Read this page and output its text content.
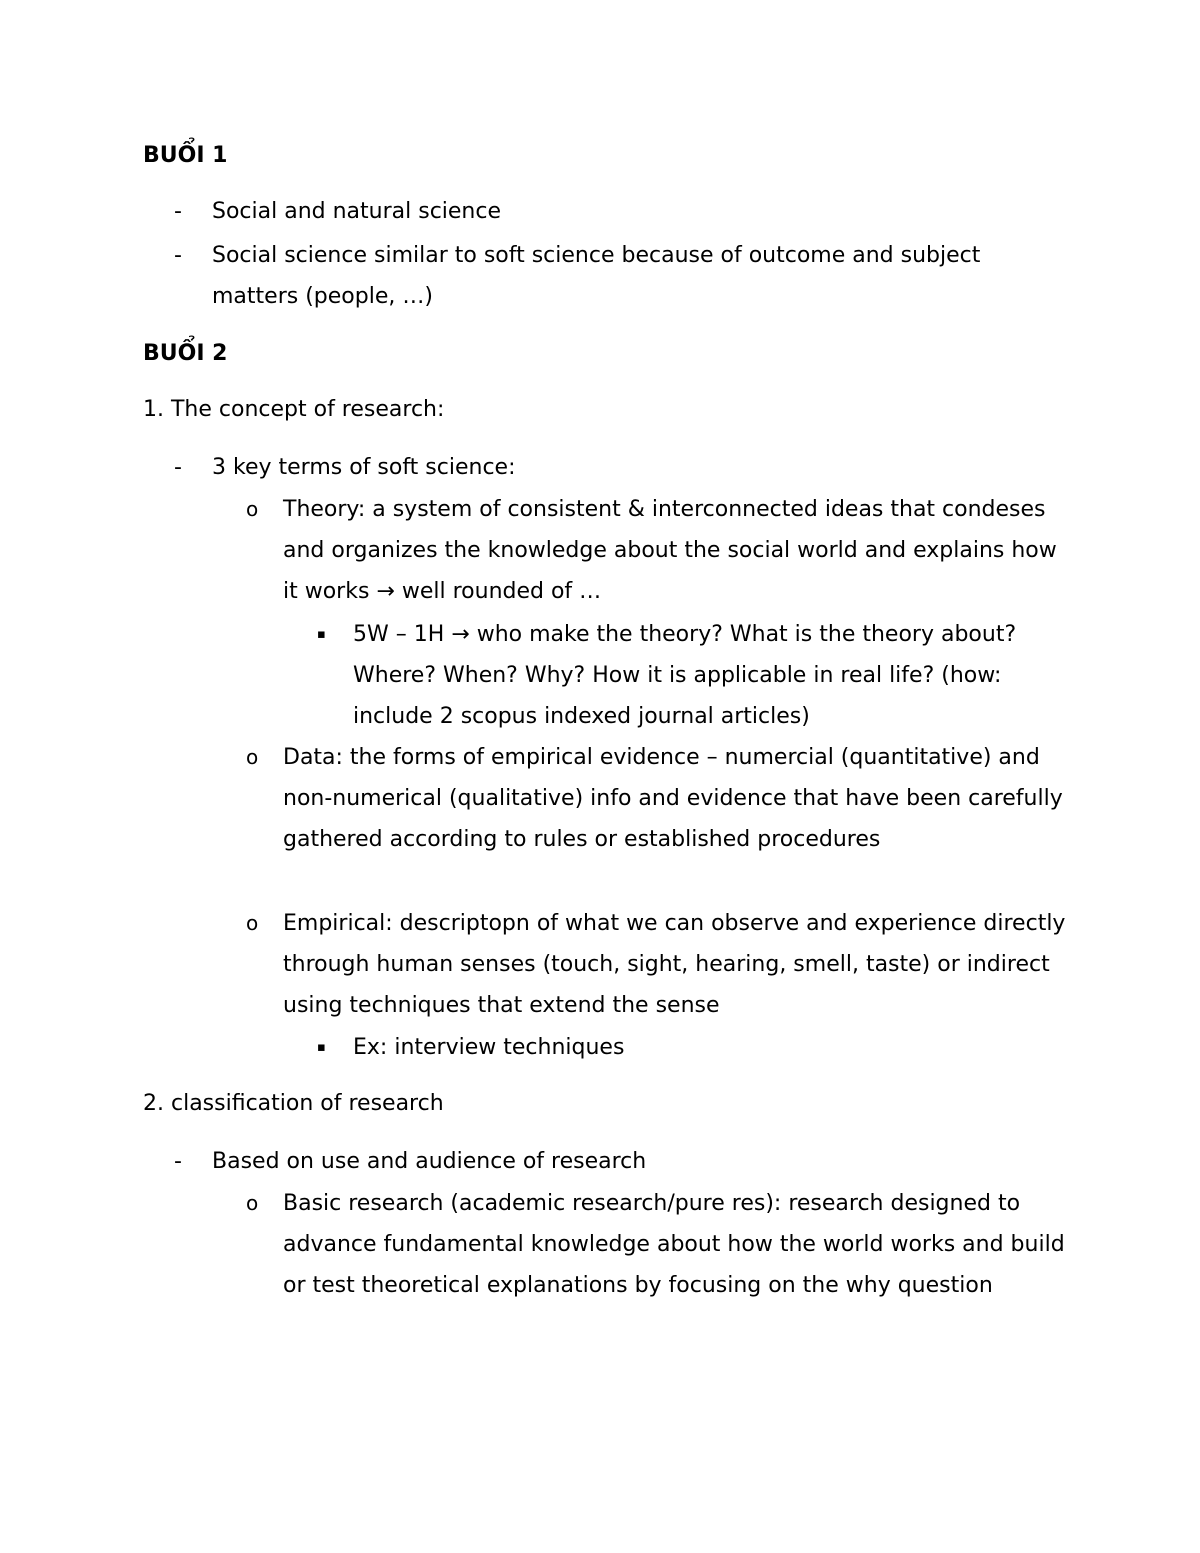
BUỔI 1
- Social and natural science
- Social science similar to soft science because of outcome and subject matters (people, …)
BUỔI 2
1. The concept of research:
- 3 key terms of soft science:
o Theory: a system of consistent & interconnected ideas that condeses and organizes the knowledge about the social world and explains how it works → well rounded of …
▪ 5W – 1H → who make the theory? What is the theory about? Where? When? Why? How it is applicable in real life? (how: include 2 scopus indexed journal articles)
o Data: the forms of empirical evidence – numercial (quantitative) and non-numerical (qualitative) info and evidence that have been carefully gathered according to rules or established procedures
o Empirical: descriptopn of what we can observe and experience directly through human senses (touch, sight, hearing, smell, taste) or indirect using techniques that extend the sense
▪ Ex: interview techniques
2. classification of research
- Based on use and audience of research
o Basic research (academic research/pure res): research designed to advance fundamental knowledge about how the world works and build or test theoretical explanations by focusing on the why question
